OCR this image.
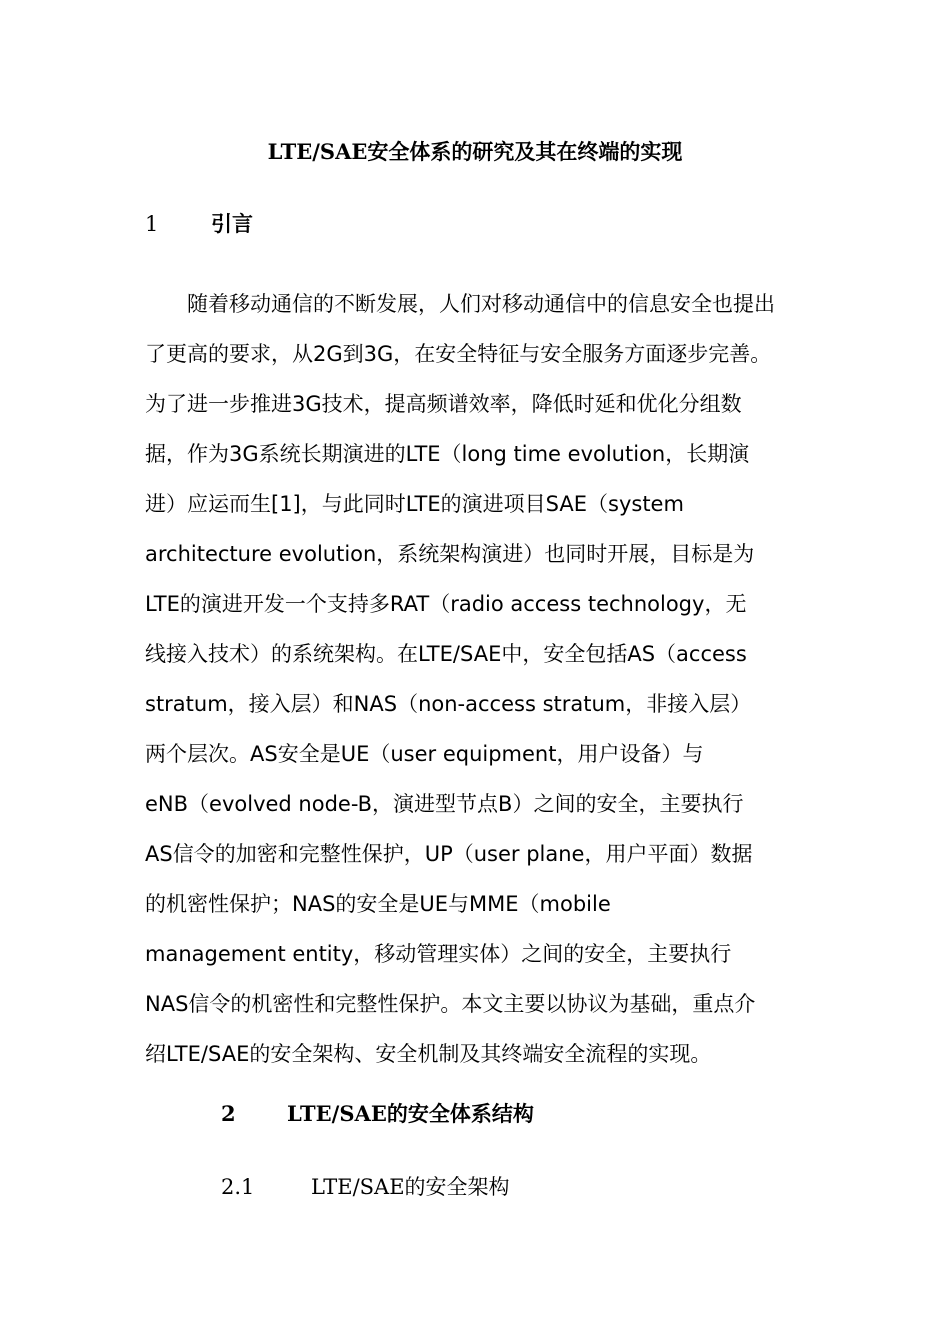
LTE/SAE安全体系的研究及其在终端的实现
1	引言
　　随着移动通信的不断发展，人们对移动通信中的信息安全也提出
了更高的要求，从2G到3G，在安全特征与安全服务方面逐步完善。
为了进一步推进3G技术，提高频谱效率，降低时延和优化分组数
据，作为3G系统长期演进的LTE（long time evolution，长期演
进）应运而生[1]，与此同时LTE的演进项目SAE（system
architecture evolution，系统架构演进）也同时开展，目标是为
LTE的演进开发一个支持多RAT（radio access technology，无
线接入技术）的系统架构。在LTE/SAE中，安全包括AS（access
stratum，接入层）和NAS（non-access stratum，非接入层）
两个层次。AS安全是UE（user equipment，用户设备）与
eNB（evolved node-B，演进型节点B）之间的安全，主要执行
AS信令的加密和完整性保护，UP（user plane，用户平面）数据
的机密性保护；NAS的安全是UE与MME（mobile
management entity，移动管理实体）之间的安全，主要执行
NAS信令的机密性和完整性保护。本文主要以协议为基础，重点介
绍LTE/SAE的安全架构、安全机制及其终端安全流程的实现。
2 LTE/SAE的安全体系结构
2.1	LTE/SAE的安全架构
